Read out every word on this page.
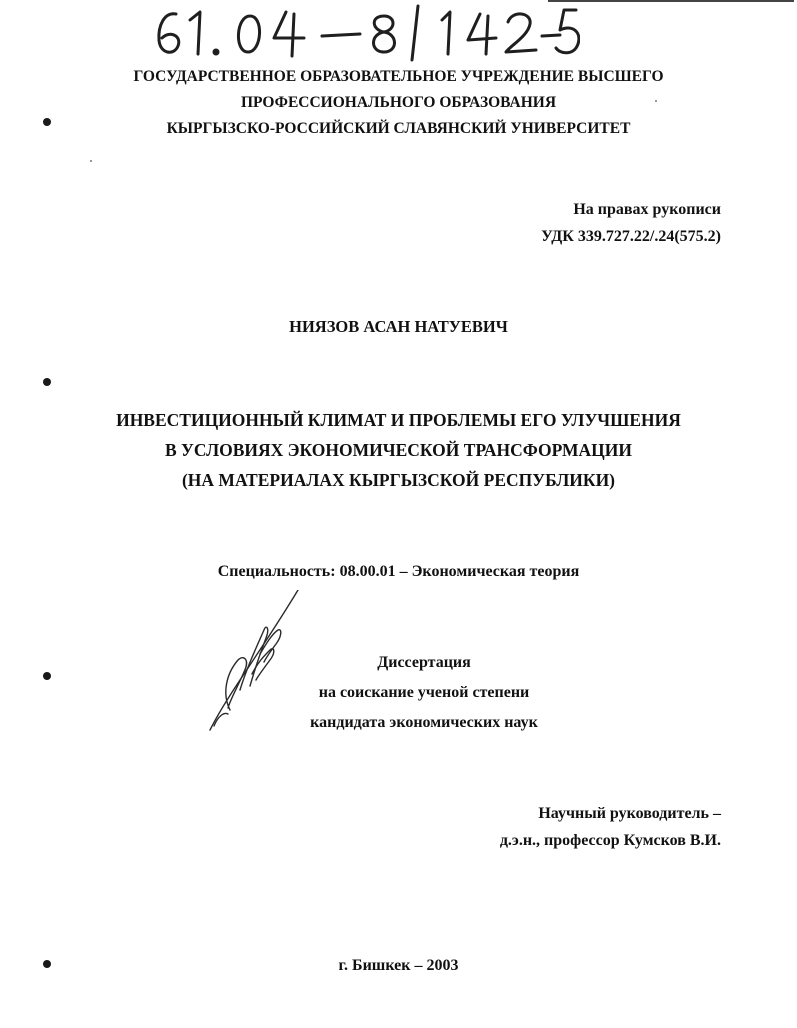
ГОСУДАРСТВЕННОЕ ОБРАЗОВАТЕЛЬНОЕ УЧРЕЖДЕНИЕ ВЫСШЕГО
ПРОФЕССИОНАЛЬНОГО ОБРАЗОВАНИЯ
КЫРГЫЗСКО-РОССИЙСКИЙ СЛАВЯНСКИЙ УНИВЕРСИТЕТ
На правах рукописи
УДК 339.727.22/.24(575.2)
НИЯЗОВ АСАН НАТУЕВИЧ
ИНВЕСТИЦИОННЫЙ КЛИМАТ И ПРОБЛЕМЫ ЕГО УЛУЧШЕНИЯ
В УСЛОВИЯХ ЭКОНОМИЧЕСКОЙ ТРАНСФОРМАЦИИ
(НА МАТЕРИАЛАХ КЫРГЫЗСКОЙ РЕСПУБЛИКИ)
Специальность: 08.00.01 – Экономическая теория
Диссертация
на соискание ученой степени
кандидата экономических наук
Научный руководитель –
д.э.н., профессор Кумсков В.И.
г. Бишкек – 2003
